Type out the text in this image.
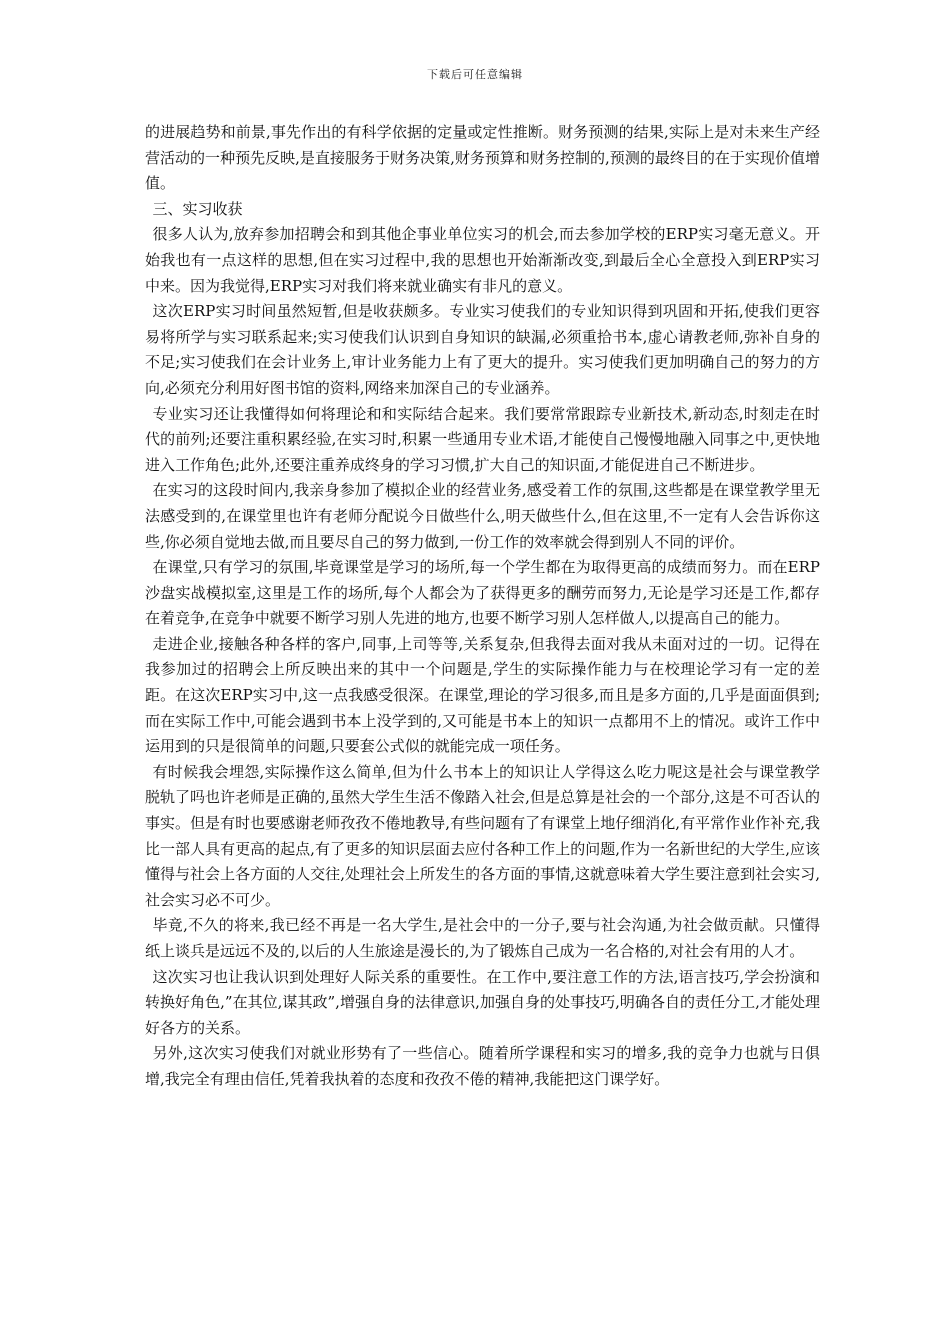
下载后可任意编辑

的进展趋势和前景,事先作出的有科学依据的定量或定性推断。财务预测的结果,实际上是对未来生产经营活动的一种预先反映,是直接服务于财务决策,财务预算和财务控制的,预测的最终目的在于实现价值增值。

三、实习收获

很多人认为,放弃参加招聘会和到其他企事业单位实习的机会,而去参加学校的ERP实习毫无意义。开始我也有一点这样的思想,但在实习过程中,我的思想也开始渐渐改变,到最后全心全意投入到ERP实习中来。因为我觉得,ERP实习对我们将来就业确实有非凡的意义。

这次ERP实习时间虽然短暂,但是收获颇多。专业实习使我们的专业知识得到巩固和开拓,使我们更容易将所学与实习联系起来;实习使我们认识到自身知识的缺漏,必须重拾书本,虚心请教老师,弥补自身的不足;实习使我们在会计业务上,审计业务能力上有了更大的提升。实习使我们更加明确自己的努力的方向,必须充分利用好图书馆的资料,网络来加深自己的专业涵养。

专业实习还让我懂得如何将理论和和实际结合起来。我们要常常跟踪专业新技术,新动态,时刻走在时代的前列;还要注重积累经验,在实习时,积累一些通用专业术语,才能使自己慢慢地融入同事之中,更快地进入工作角色;此外,还要注重养成终身的学习习惯,扩大自己的知识面,才能促进自己不断进步。

在实习的这段时间内,我亲身参加了模拟企业的经营业务,感受着工作的氛围,这些都是在课堂教学里无法感受到的,在课堂里也许有老师分配说今日做些什么,明天做些什么,但在这里,不一定有人会告诉你这些,你必须自觉地去做,而且要尽自己的努力做到,一份工作的效率就会得到别人不同的评价。

在课堂,只有学习的氛围,毕竟课堂是学习的场所,每一个学生都在为取得更高的成绩而努力。而在ERP沙盘实战模拟室,这里是工作的场所,每个人都会为了获得更多的酬劳而努力,无论是学习还是工作,都存在着竞争,在竞争中就要不断学习别人先进的地方,也要不断学习别人怎样做人,以提高自己的能力。

走进企业,接触各种各样的客户,同事,上司等等,关系复杂,但我得去面对我从未面对过的一切。记得在我参加过的招聘会上所反映出来的其中一个问题是,学生的实际操作能力与在校理论学习有一定的差距。在这次ERP实习中,这一点我感受很深。在课堂,理论的学习很多,而且是多方面的,几乎是面面俱到;而在实际工作中,可能会遇到书本上没学到的,又可能是书本上的知识一点都用不上的情况。或许工作中运用到的只是很简单的问题,只要套公式似的就能完成一项任务。

有时候我会埋怨,实际操作这么简单,但为什么书本上的知识让人学得这么吃力呢这是社会与课堂教学脱轨了吗也许老师是正确的,虽然大学生生活不像踏入社会,但是总算是社会的一个部分,这是不可否认的事实。但是有时也要感谢老师孜孜不倦地教导,有些问题有了有课堂上地仔细消化,有平常作业作补充,我比一部人具有更高的起点,有了更多的知识层面去应付各种工作上的问题,作为一名新世纪的大学生,应该懂得与社会上各方面的人交往,处理社会上所发生的各方面的事情,这就意味着大学生要注意到社会实习,社会实习必不可少。

毕竟,不久的将来,我已经不再是一名大学生,是社会中的一分子,要与社会沟通,为社会做贡献。只懂得纸上谈兵是远远不及的,以后的人生旅途是漫长的,为了锻炼自己成为一名合格的,对社会有用的人才。

这次实习也让我认识到处理好人际关系的重要性。在工作中,要注意工作的方法,语言技巧,学会扮演和转换好角色,”在其位,谋其政”,增强自身的法律意识,加强自身的处事技巧,明确各自的责任分工,才能处理好各方的关系。

另外,这次实习使我们对就业形势有了一些信心。随着所学课程和实习的增多,我的竞争力也就与日俱增,我完全有理由信任,凭着我执着的态度和孜孜不倦的精神,我能把这门课学好。
